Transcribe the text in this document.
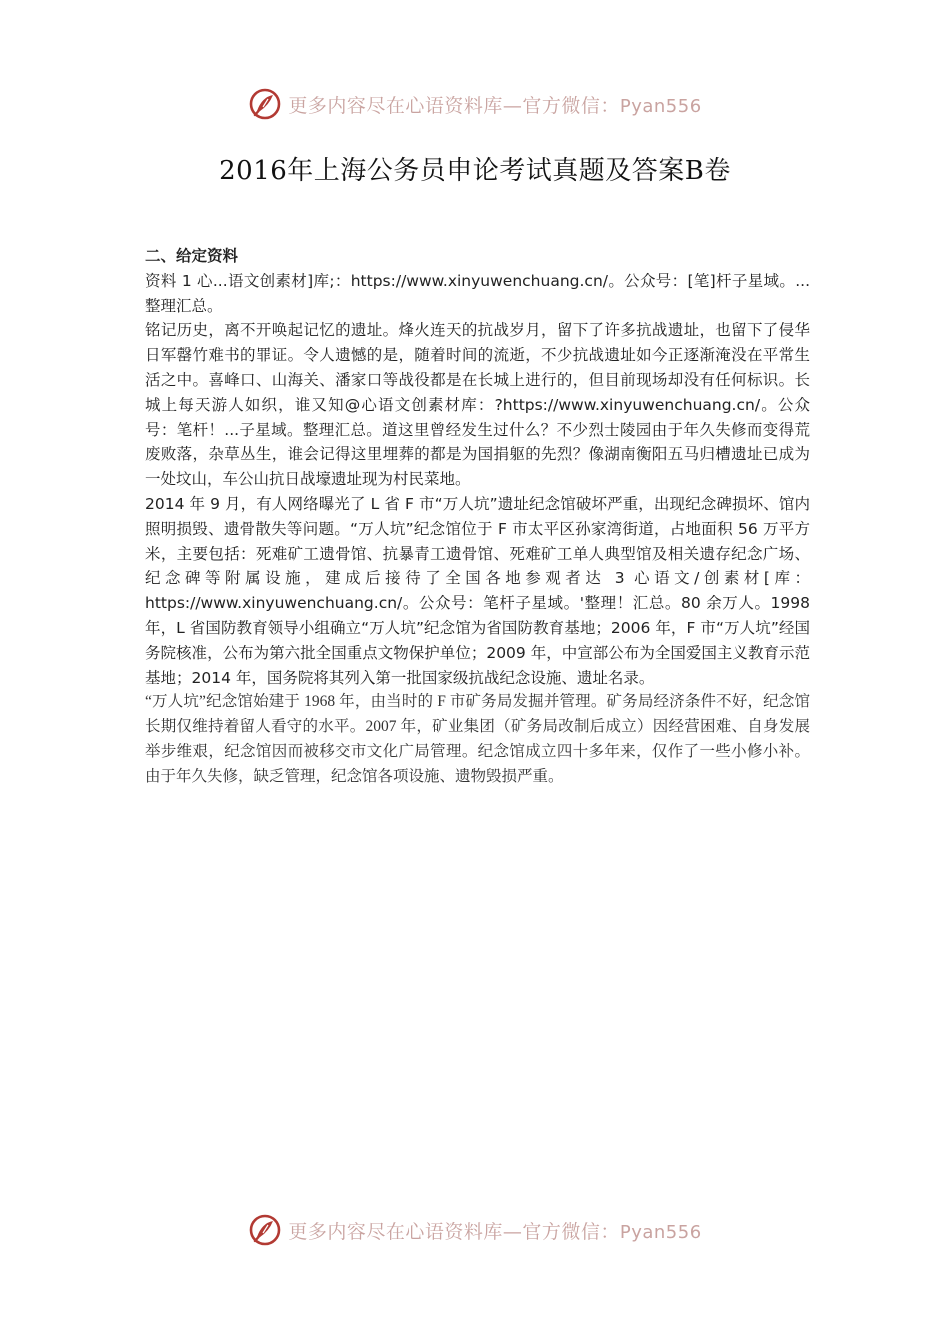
更多内容尽在心语资料库—官方微信：Pyan556
2016年上海公务员申论考试真题及答案B卷

二、给定资料

资料 1 心...语文创素材]库;：https://www.xinyuwenchuang.cn/。公众号：[笔]杆子星域。...整理汇总。

铭记历史，离不开唤起记忆的遗址。烽火连天的抗战岁月，留下了许多抗战遗址，也留下了侵华日军罄竹难书的罪证。令人遗憾的是，随着时间的流逝，不少抗战遗址如今正逐渐淹没在平常生活之中。喜峰口、山海关、潘家口等战役都是在长城上进行的，但目前现场却没有任何标识。长城上每天游人如织，谁又知@心语文创素材库：?https://www.xinyuwenchuang.cn/。公众号：笔杆！...子星域。整理汇总。道这里曾经发生过什么？不少烈士陵园由于年久失修而变得荒废败落，杂草丛生，谁会记得这里埋葬的都是为国捐躯的先烈？像湖南衡阳五马归槽遗址已成为一处坟山，车公山抗日战壕遗址现为村民菜地。

2014 年 9 月，有人网络曝光了 L 省 F 市“万人坑”遗址纪念馆破坏严重，出现纪念碑损坏、馆内照明损毁、遗骨散失等问题。“万人坑”纪念馆位于 F 市太平区孙家湾街道，占地面积 56 万平方米，主要包括：死难矿工遗骨馆、抗暴青工遗骨馆、死难矿工单人典型馆及相关遗存纪念广场、纪念碑等附属设施，建成后接待了全国各地参观者达 3 心语文/创素材[库：https://www.xinyuwenchuang.cn/。公众号：笔杆子星域。'整理！汇总。80 余万人。1998 年，L 省国防教育领导小组确立“万人坑”纪念馆为省国防教育基地；2006 年，F 市“万人坑”经国务院核准，公布为第六批全国重点文物保护单位；2009 年，中宣部公布为全国爱国主义教育示范基地；2014 年，国务院将其列入第一批国家级抗战纪念设施、遗址名录。

“万人坑”纪念馆始建于 1968 年，由当时的 F 市矿务局发掘并管理。矿务局经济条件不好，纪念馆长期仅维持着留人看守的水平。2007 年，矿业集团（矿务局改制后成立）因经营困难、自身发展举步维艰，纪念馆因而被移交市文化广局管理。纪念馆成立四十多年来，仅作了一些小修小补。由于年久失修，缺乏管理，纪念馆各项设施、遗物毁损严重。

更多内容尽在心语资料库—官方微信：Pyan556
